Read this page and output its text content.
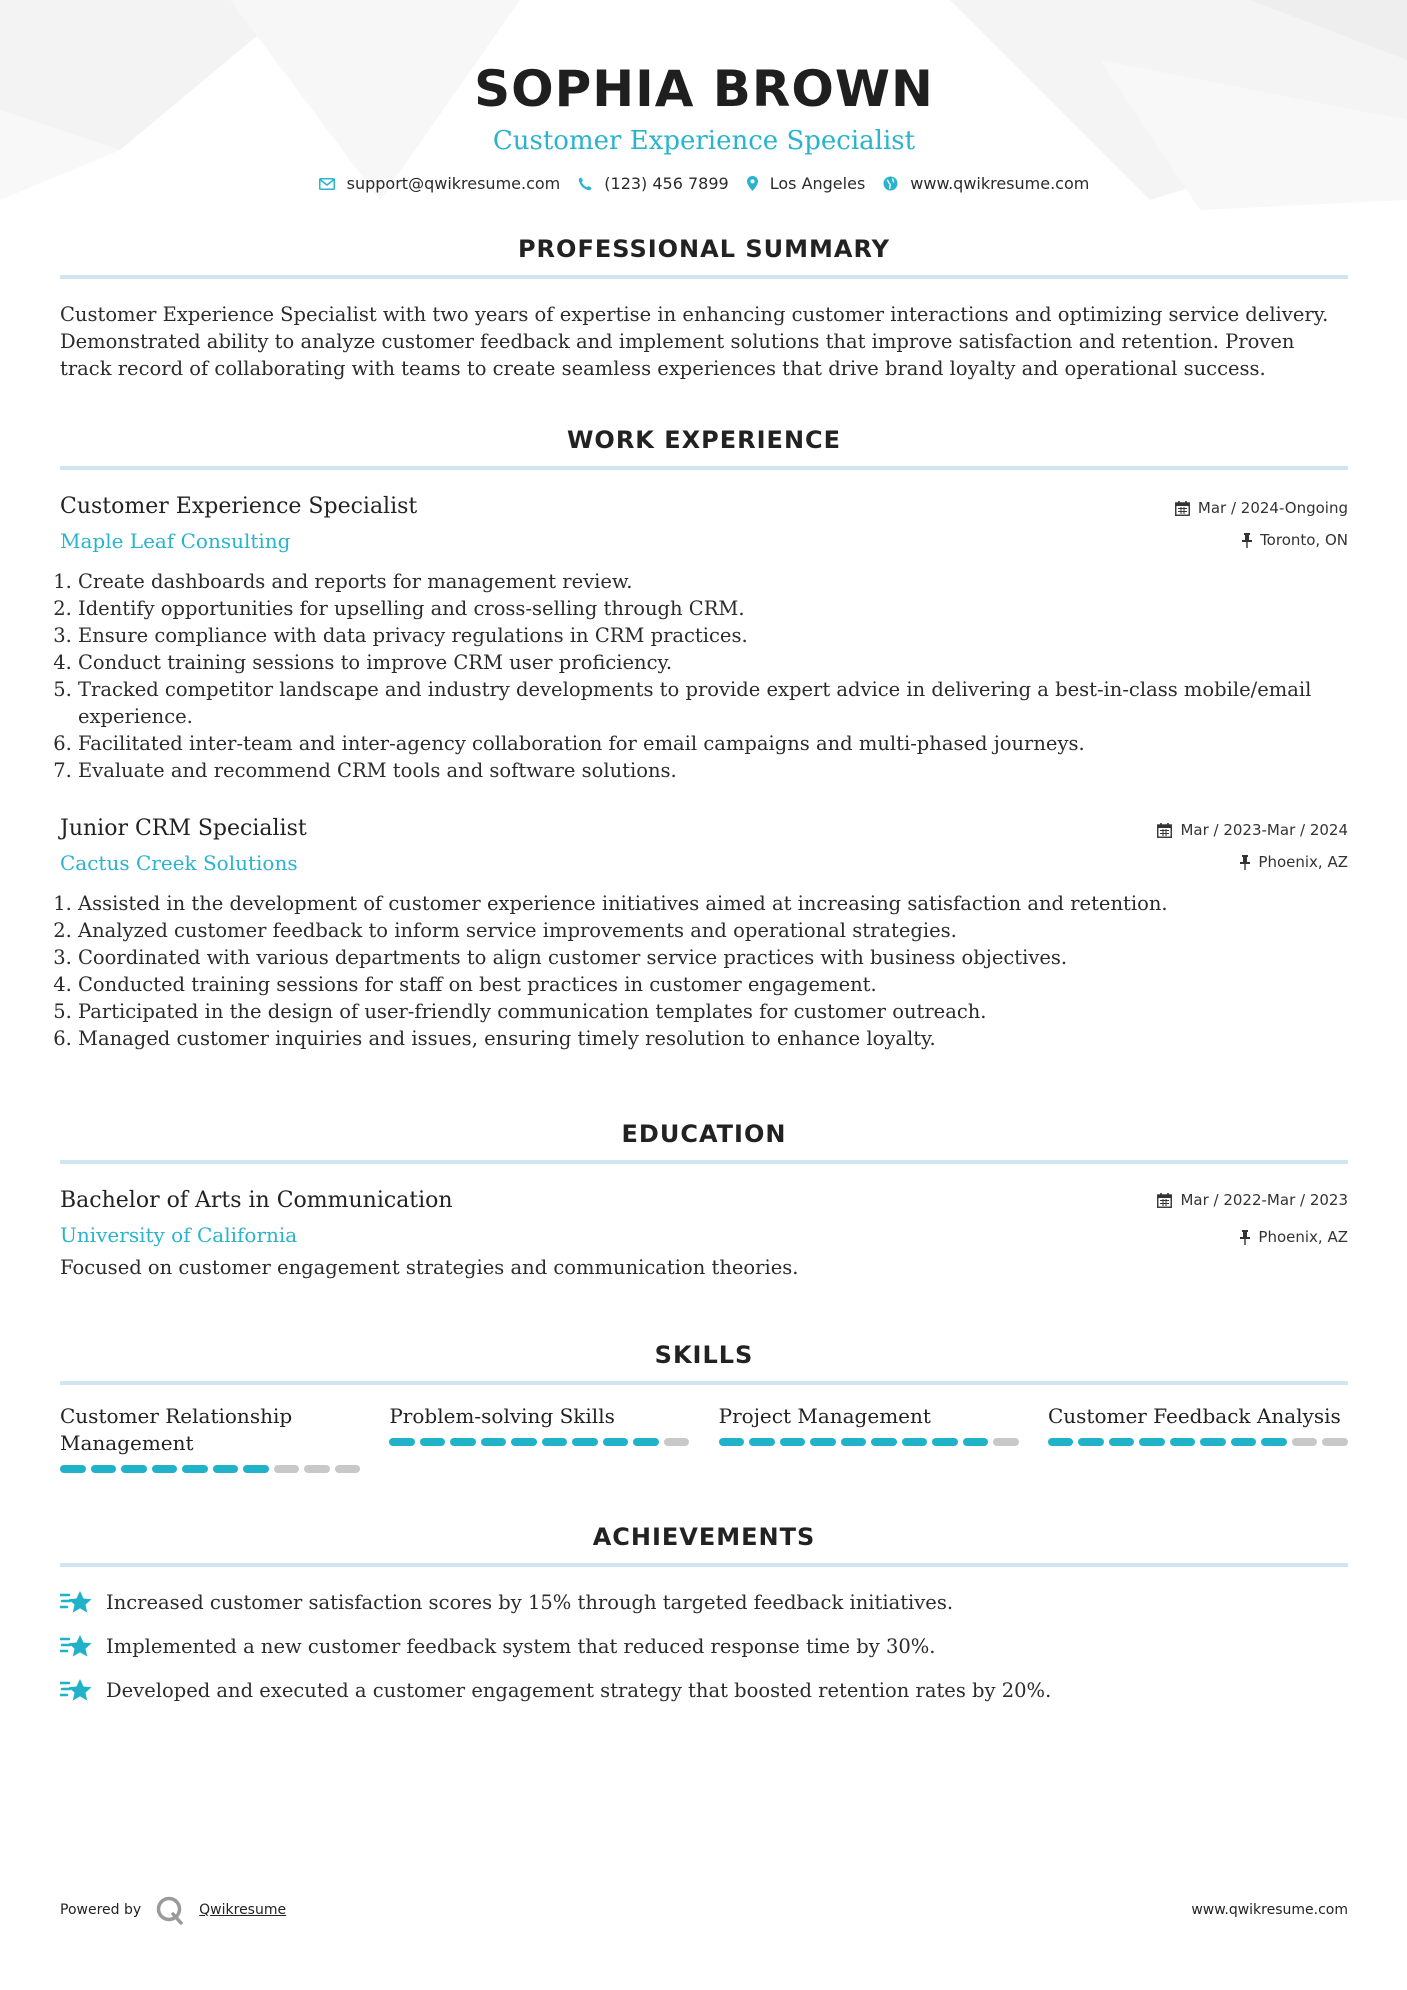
SOPHIA BROWN
Customer Experience Specialist
support@qwikresume.com	(123) 456 7899	Los Angeles	www.qwikresume.com
PROFESSIONAL SUMMARY

Customer Experience Specialist with two years of expertise in enhancing customer interactions and optimizing service delivery. Demonstrated ability to analyze customer feedback and implement solutions that improve satisfaction and retention. Proven track record of collaborating with teams to create seamless experiences that drive brand loyalty and operational success.

WORK EXPERIENCE
Customer Experience Specialist
Maple Leaf Consulting
Mar / 2024-Ongoing
Toronto, ON
1. Create dashboards and reports for management review.
2. Identify opportunities for upselling and cross-selling through CRM.
3. Ensure compliance with data privacy regulations in CRM practices.
4. Conduct training sessions to improve CRM user proficiency.
5. Tracked competitor landscape and industry developments to provide expert advice in delivering a best-in-class mobile/email experience.
6. Facilitated inter-team and inter-agency collaboration for email campaigns and multi-phased journeys.
7. Evaluate and recommend CRM tools and software solutions.
Junior CRM Specialist
Cactus Creek Solutions
Mar / 2023-Mar / 2024
Phoenix, AZ
1. Assisted in the development of customer experience initiatives aimed at increasing satisfaction and retention.
2. Analyzed customer feedback to inform service improvements and operational strategies.
3. Coordinated with various departments to align customer service practices with business objectives.
4. Conducted training sessions for staff on best practices in customer engagement.
5. Participated in the design of user-friendly communication templates for customer outreach.
6. Managed customer inquiries and issues, ensuring timely resolution to enhance loyalty.
EDUCATION
Bachelor of Arts in Communication
University of California
Mar / 2022-Mar / 2023
Phoenix, AZ

Focused on customer engagement strategies and communication theories.

SKILLS
Customer Relationship Management
Problem-solving Skills	Project Management	Customer Feedback Analysis
ACHIEVEMENTS
Increased customer satisfaction scores by 15% through targeted feedback initiatives.
Implemented a new customer feedback system that reduced response time by 30%.
Developed and executed a customer engagement strategy that boosted retention rates by 20%.
Powered by	Qwikresume	www.qwikresume.com
